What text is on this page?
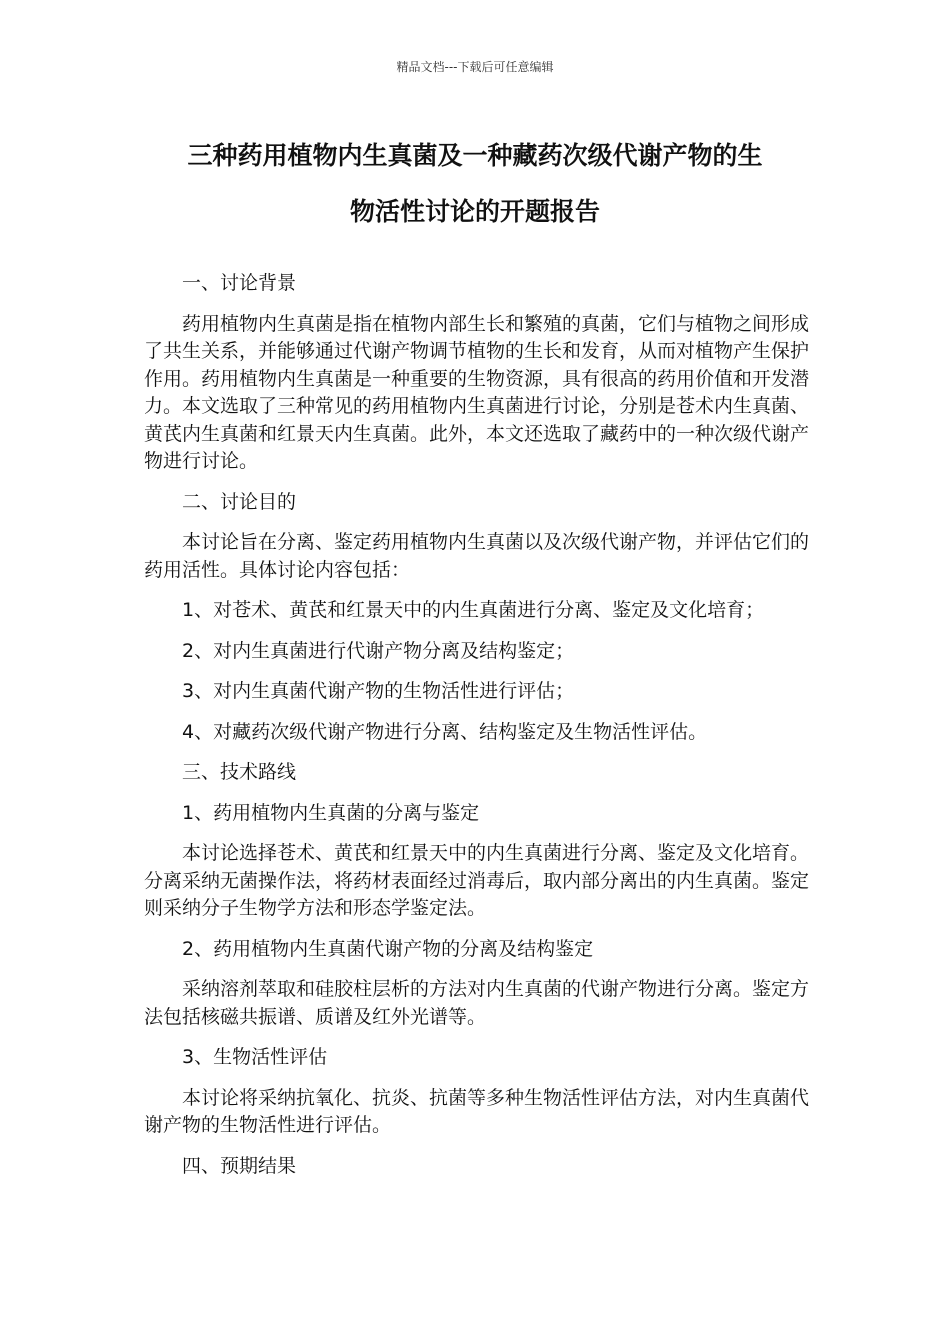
精品文档---下载后可任意编辑
三种药用植物内生真菌及一种藏药次级代谢产物的生
物活性讨论的开题报告

一、讨论背景

药用植物内生真菌是指在植物内部生长和繁殖的真菌，它们与植物之间形成了共生关系，并能够通过代谢产物调节植物的生长和发育，从而对植物产生保护作用。药用植物内生真菌是一种重要的生物资源，具有很高的药用价值和开发潜力。本文选取了三种常见的药用植物内生真菌进行讨论，分别是苍术内生真菌、黄芪内生真菌和红景天内生真菌。此外，本文还选取了藏药中的一种次级代谢产物进行讨论。

二、讨论目的

本讨论旨在分离、鉴定药用植物内生真菌以及次级代谢产物，并评估它们的药用活性。具体讨论内容包括：

1、对苍术、黄芪和红景天中的内生真菌进行分离、鉴定及文化培育；

2、对内生真菌进行代谢产物分离及结构鉴定；

3、对内生真菌代谢产物的生物活性进行评估；

4、对藏药次级代谢产物进行分离、结构鉴定及生物活性评估。

三、技术路线

1、药用植物内生真菌的分离与鉴定

本讨论选择苍术、黄芪和红景天中的内生真菌进行分离、鉴定及文化培育。分离采纳无菌操作法，将药材表面经过消毒后，取内部分离出的内生真菌。鉴定则采纳分子生物学方法和形态学鉴定法。

2、药用植物内生真菌代谢产物的分离及结构鉴定

采纳溶剂萃取和硅胶柱层析的方法对内生真菌的代谢产物进行分离。鉴定方法包括核磁共振谱、质谱及红外光谱等。

3、生物活性评估

本讨论将采纳抗氧化、抗炎、抗菌等多种生物活性评估方法，对内生真菌代谢产物的生物活性进行评估。

四、预期结果
